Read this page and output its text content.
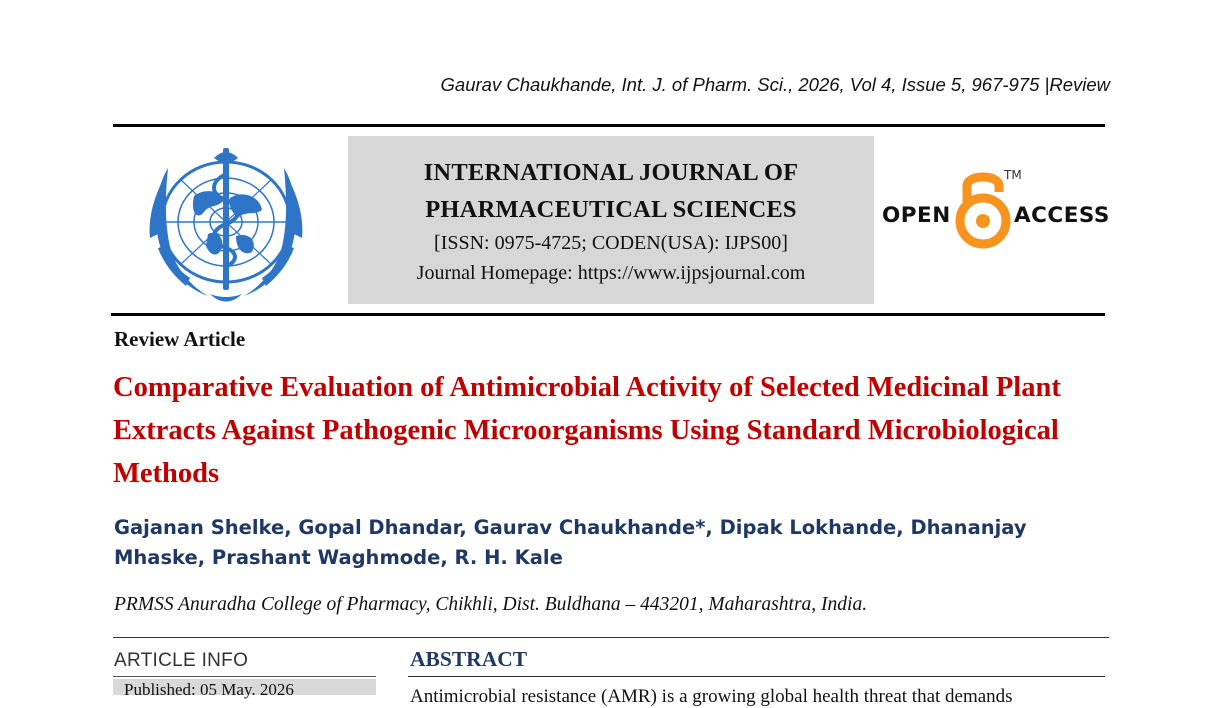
Gaurav Chaukhande, Int. J. of Pharm. Sci., 2026, Vol 4, Issue 5, 967-975 |Review
INTERNATIONAL JOURNAL OF
PHARMACEUTICAL SCIENCES
[ISSN: 0975-4725; CODEN(USA): IJPS00]
Journal Homepage: https://www.ijpsjournal.com
OPEN
TM
ACCESS
Review Article
Comparative Evaluation of Antimicrobial Activity of Selected Medicinal Plant Extracts Against Pathogenic Microorganisms Using Standard Microbiological Methods
Gajanan Shelke, Gopal Dhandar, Gaurav Chaukhande*, Dipak Lokhande, Dhananjay Mhaske, Prashant Waghmode, R. H. Kale
PRMSS Anuradha College of Pharmacy, Chikhli, Dist. Buldhana – 443201, Maharashtra, India.
ARTICLE INFO
Published: 05 May. 2026
ABSTRACT
Antimicrobial resistance (AMR) is a growing global health threat that demands
